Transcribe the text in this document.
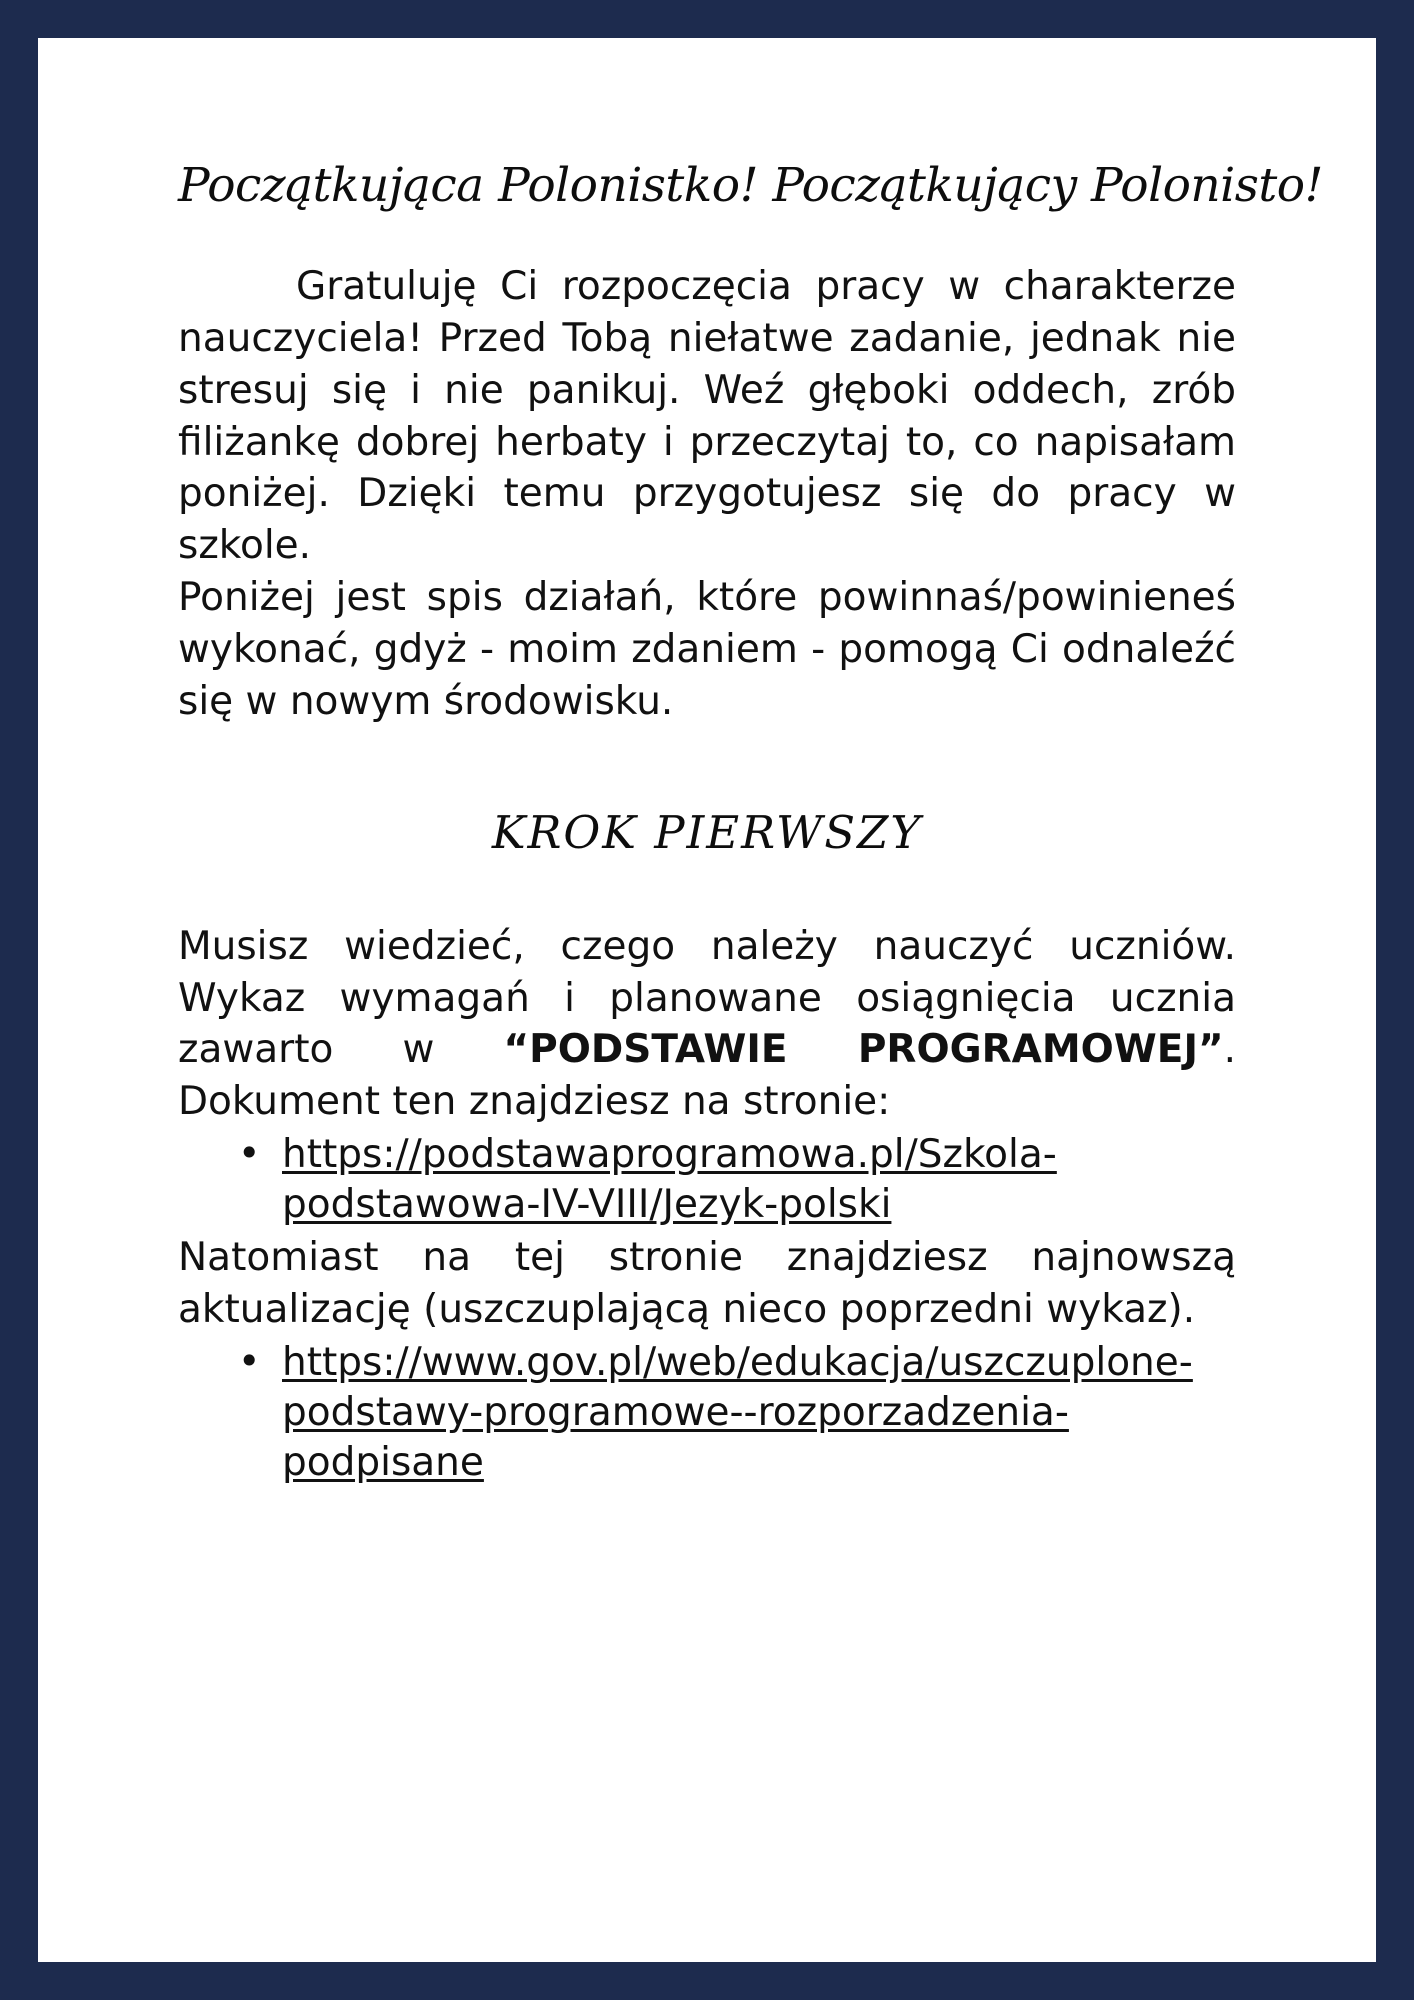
Początkująca Polonistko! Początkujący Polonisto!

Gratuluję Ci rozpoczęcia pracy w charakterze nauczyciela! Przed Tobą niełatwe zadanie, jednak nie stresuj się i nie panikuj. Weź głęboki oddech, zrób filiżankę dobrej herbaty i przeczytaj to, co napisałam poniżej. Dzięki temu przygotujesz się do pracy w szkole.

Poniżej jest spis działań, które powinnaś/powinieneś wykonać, gdyż - moim zdaniem - pomogą Ci odnaleźć się w nowym środowisku.

KROK PIERWSZY

Musisz wiedzieć, czego należy nauczyć uczniów. Wykaz wymagań i planowane osiągnięcia ucznia zawarto w “PODSTAWIE PROGRAMOWEJ”. Dokument ten znajdziesz na stronie:

• https://podstawaprogramowa.pl/Szkola-podstawowa-IV-VIII/Jezyk-polski

Natomiast na tej stronie znajdziesz najnowszą aktualizację (uszczuplającą nieco poprzedni wykaz).

• https://www.gov.pl/web/edukacja/uszczuplone-podstawy-programowe--rozporzadzenia-podpisane
